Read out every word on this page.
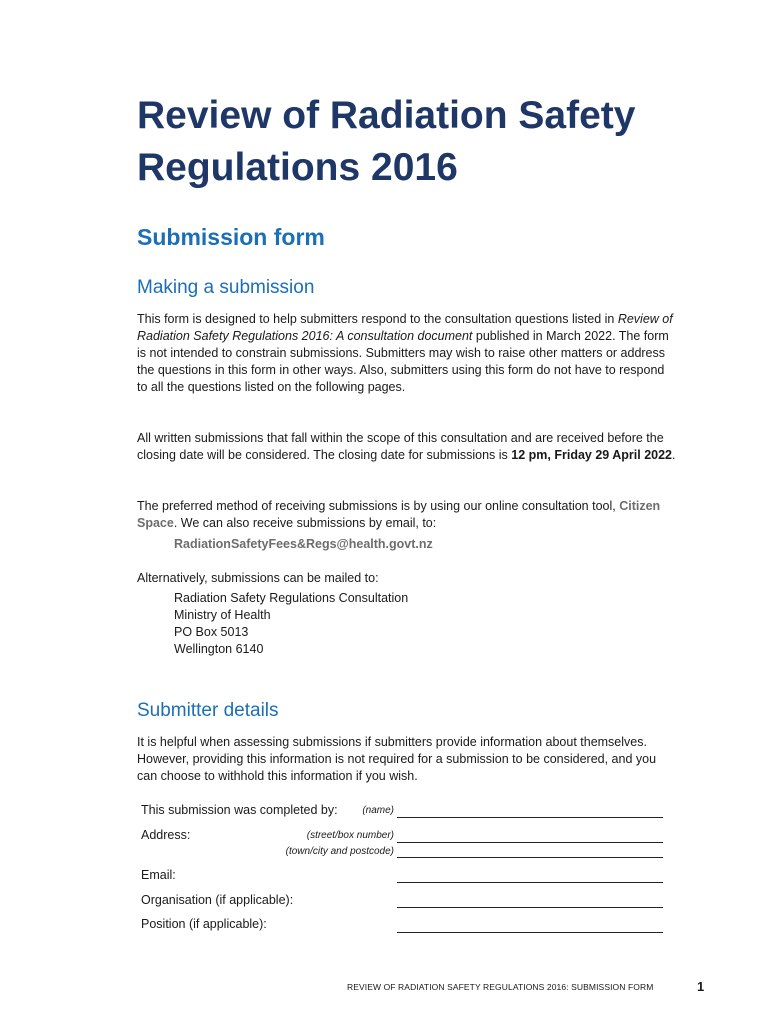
Review of Radiation Safety Regulations 2016
Submission form
Making a submission

This form is designed to help submitters respond to the consultation questions listed in Review of Radiation Safety Regulations 2016: A consultation document published in March 2022. The form is not intended to constrain submissions. Submitters may wish to raise other matters or address the questions in this form in other ways. Also, submitters using this form do not have to respond to all the questions listed on the following pages.

All written submissions that fall within the scope of this consultation and are received before the closing date will be considered. The closing date for submissions is 12 pm, Friday 29 April 2022.

The preferred method of receiving submissions is by using our online consultation tool, Citizen Space. We can also receive submissions by email, to:

RadiationSafetyFees&Regs@health.govt.nz

Alternatively, submissions can be mailed to:

Radiation Safety Regulations Consultation
Ministry of Health
PO Box 5013
Wellington 6140
Submitter details

It is helpful when assessing submissions if submitters provide information about themselves. However, providing this information is not required for a submission to be considered, and you can choose to withhold this information if you wish.

This submission was completed by:	(name)
Address:	(street/box number)
(town/city and postcode)
Email:
Organisation (if applicable):
Position (if applicable):
REVIEW OF RADIATION SAFETY REGULATIONS 2016: SUBMISSION FORM	1
